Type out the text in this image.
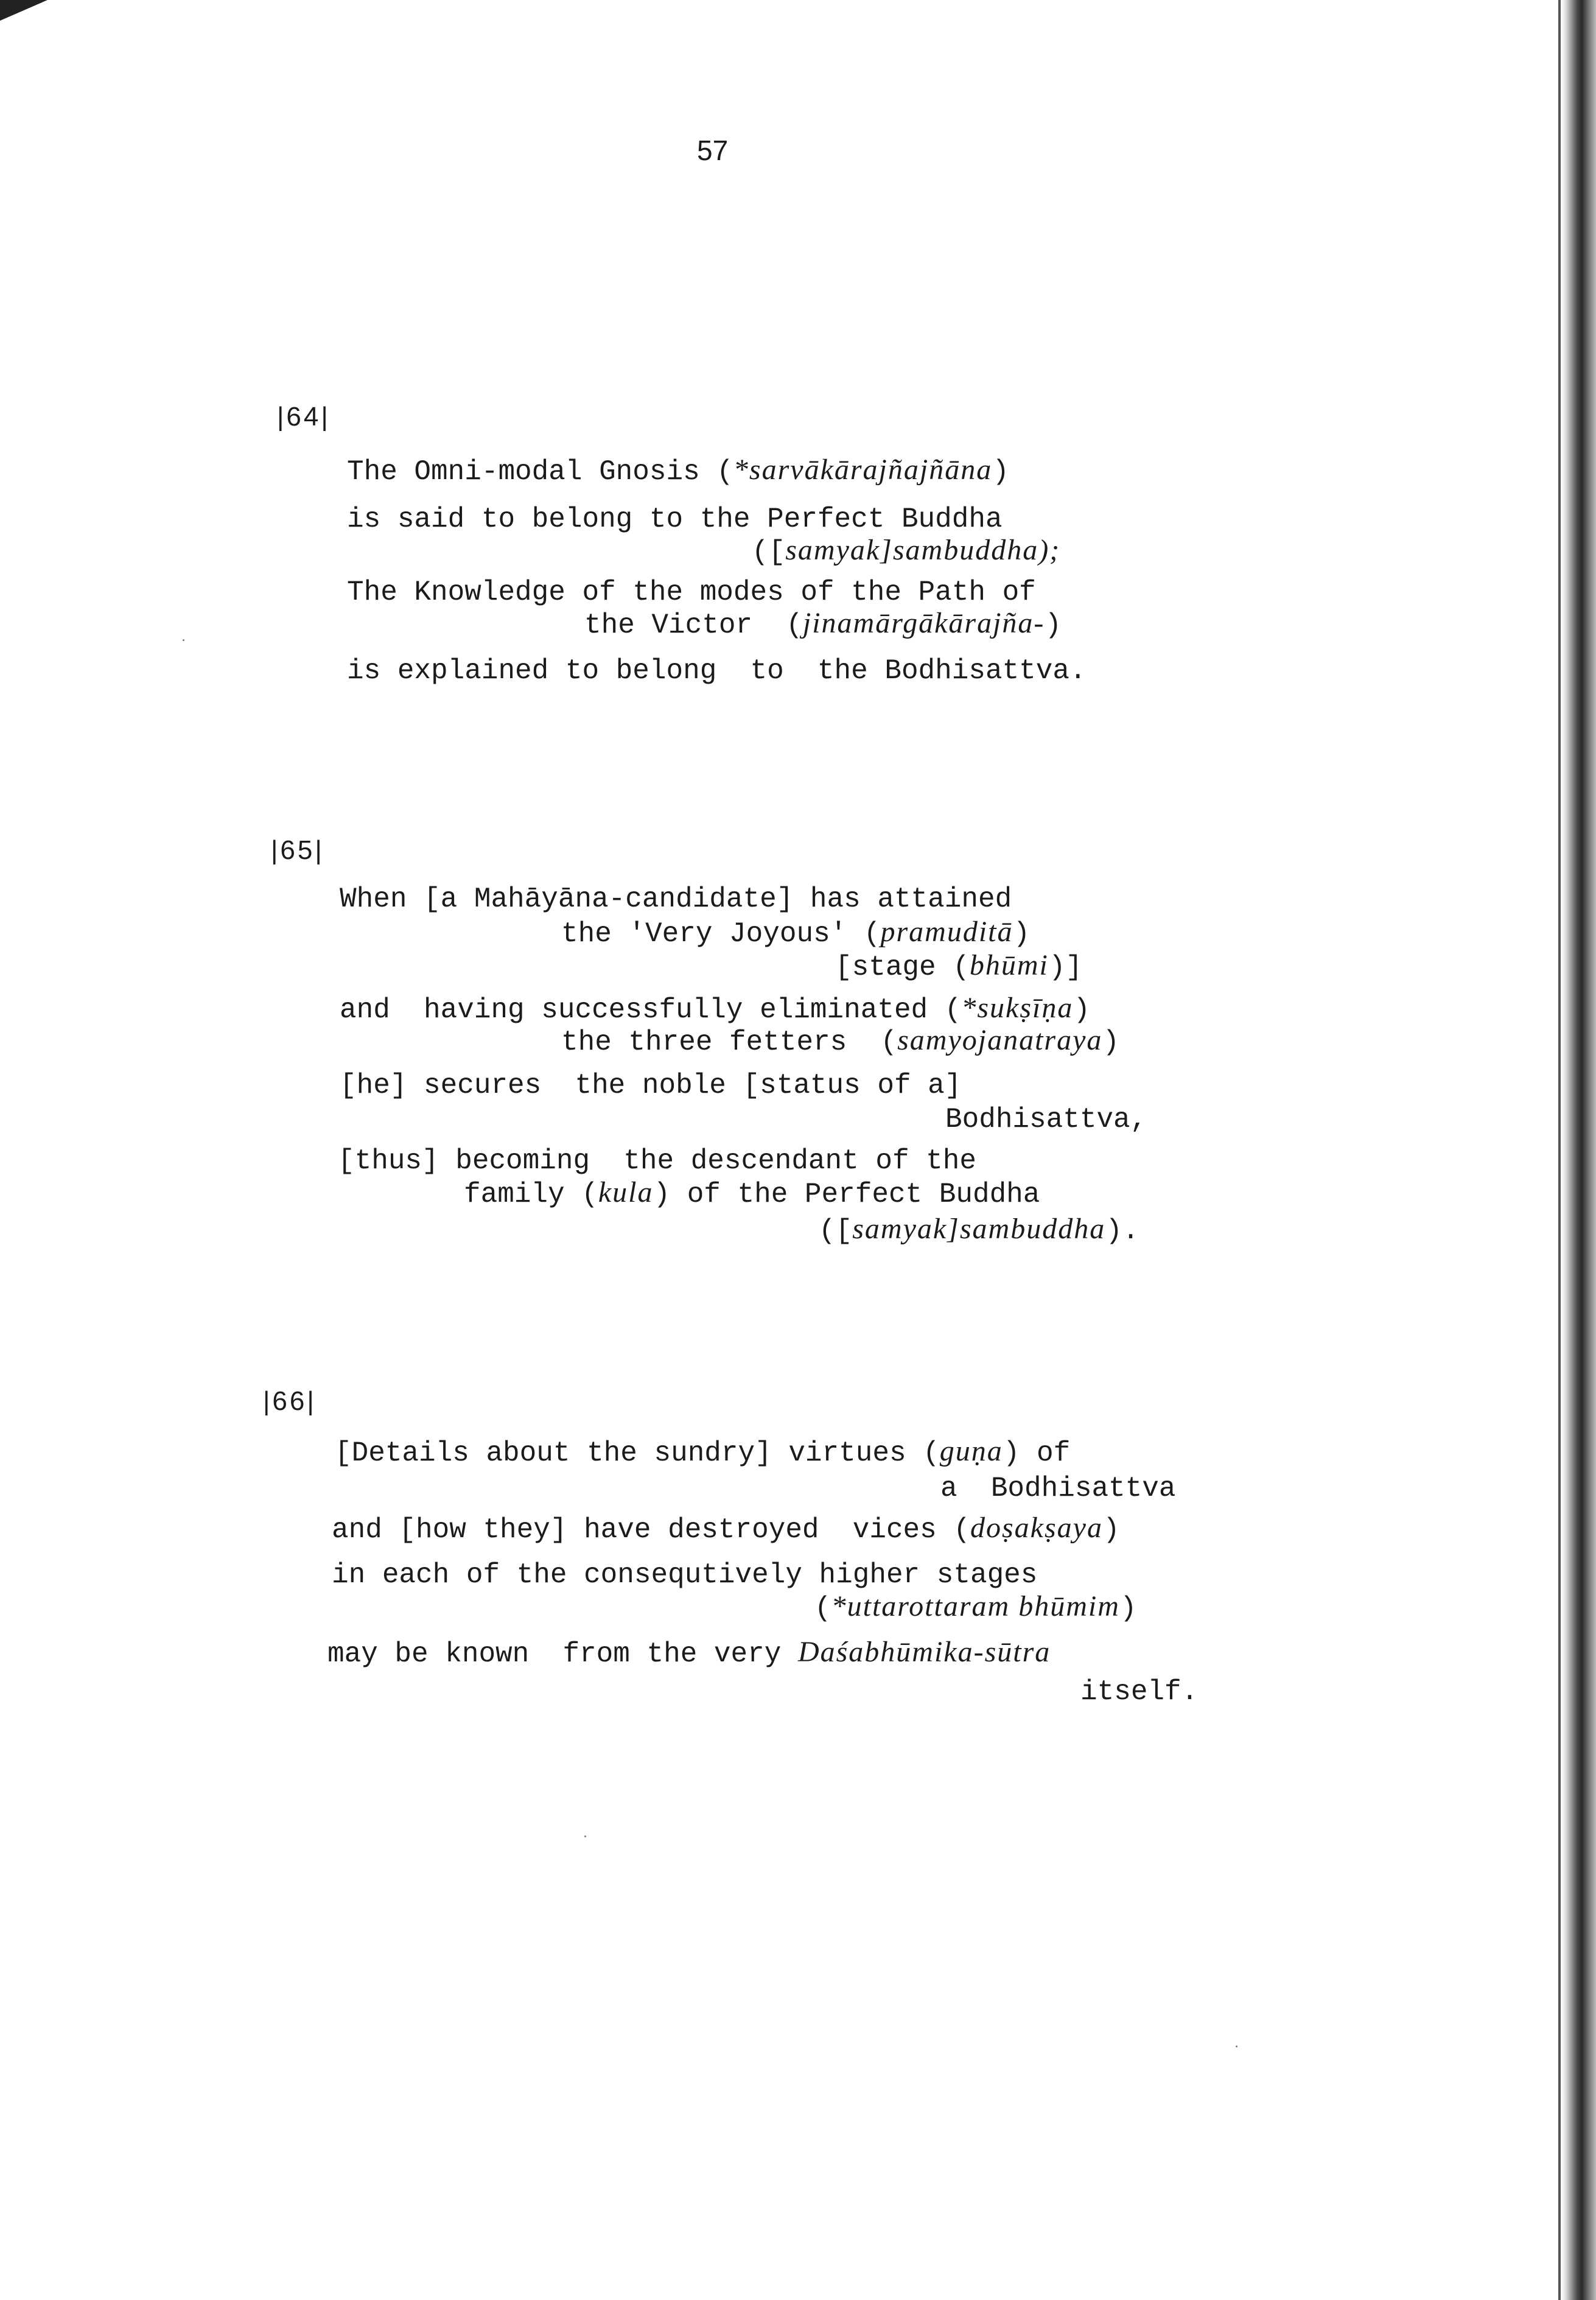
57
|64|
The Omni-modal Gnosis (*sarvākārajñajñāna)
is said to belong to the Perfect Buddha
([samyak]sambuddha);
The Knowledge of the modes of the Path of
the Victor  (jinamārgākārajña-)
is explained to belong  to  the Bodhisattva.
|65|
When [a Mahāyāna-candidate] has attained
the 'Very Joyous' (pramuditā)
[stage (bhūmi)]
and  having successfully eliminated (*sukṣīṇa)
the three fetters  (samyojanatraya)
[he] secures  the noble [status of a]
Bodhisattva,
[thus] becoming  the descendant of the
family (kula) of the Perfect Buddha
([samyak]sambuddha).
|66|
[Details about the sundry] virtues (guṇa) of
a  Bodhisattva
and [how they] have destroyed  vices (doṣakṣaya)
in each of the consequtively higher stages
(*uttarottaram bhūmim)
may be known  from the very Daśabhūmika-sūtra
itself.
